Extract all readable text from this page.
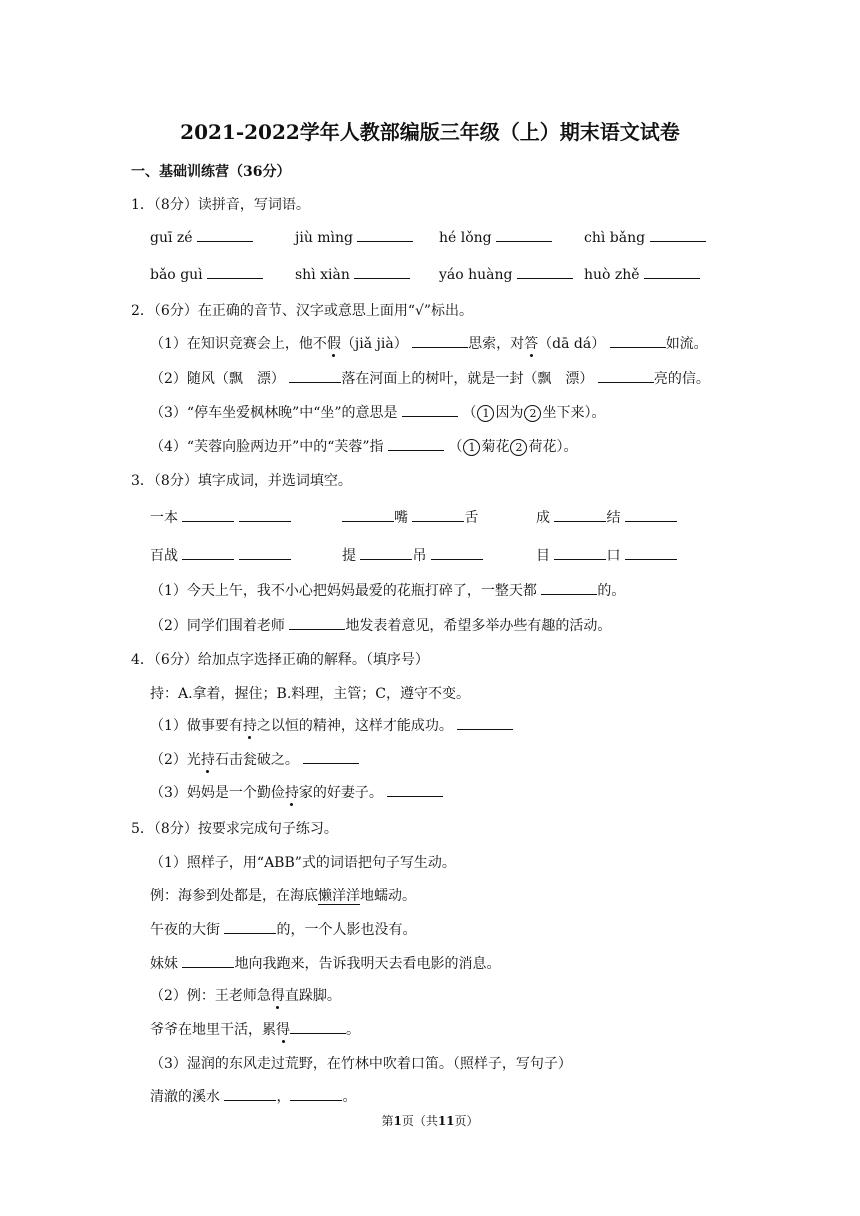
2021-2022学年人教部编版三年级（上）期末语文试卷
一、基础训练营（36分）
1．（8分）读拼音，写词语。
guī zé	jiù mìng	hé lǒng	chì bǎng
bǎo guì	shì xiàn	yáo huàng	huò zhě
2．（6分）在正确的音节、汉字或意思上面用“√”标出。
（1）在知识竞赛会上，他不假（jiǎ jià）	思索，对答（dā dá）	如流。
（2）随风（飘　漂）	落在河面上的树叶，就是一封（飘　漂）	亮的信。
（3）“停车坐爱枫林晚”中“坐”的意思是	（ 1 因为 2 坐下来）。
（4）“芙蓉向脸两边开”中的“芙蓉”指	（ 1 菊花 2 荷花）。
3．（8分）填字成词，并选词填空。
一本	嘴	舌	成	结
百战	提	吊	目	口
（1）今天上午，我不小心把妈妈最爱的花瓶打碎了，一整天都	的。
（2）同学们围着老师	地发表着意见，希望多举办些有趣的活动。
4．（6分）给加点字选择正确的解释。（填序号）
持：A.拿着，握住；B.料理，主管；C，遵守不变。
（1）做事要有持之以恒的精神，这样才能成功。
（2）光持石击瓮破之。
（3）妈妈是一个勤俭持家的好妻子。
5．（8分）按要求完成句子练习。
（1）照样子，用“ABB”式的词语把句子写生动。
例：海参到处都是，在海底懒洋洋地蠕动。
午夜的大街	的，一个人影也没有。
妹妹	地向我跑来，告诉我明天去看电影的消息。
（2）例：王老师急得直跺脚。
爷爷在地里干活，累得	。
（3）湿润的东风走过荒野，在竹林中吹着口笛。（照样子，写句子）
清澈的溪水	，	。
第1页（共11页）
